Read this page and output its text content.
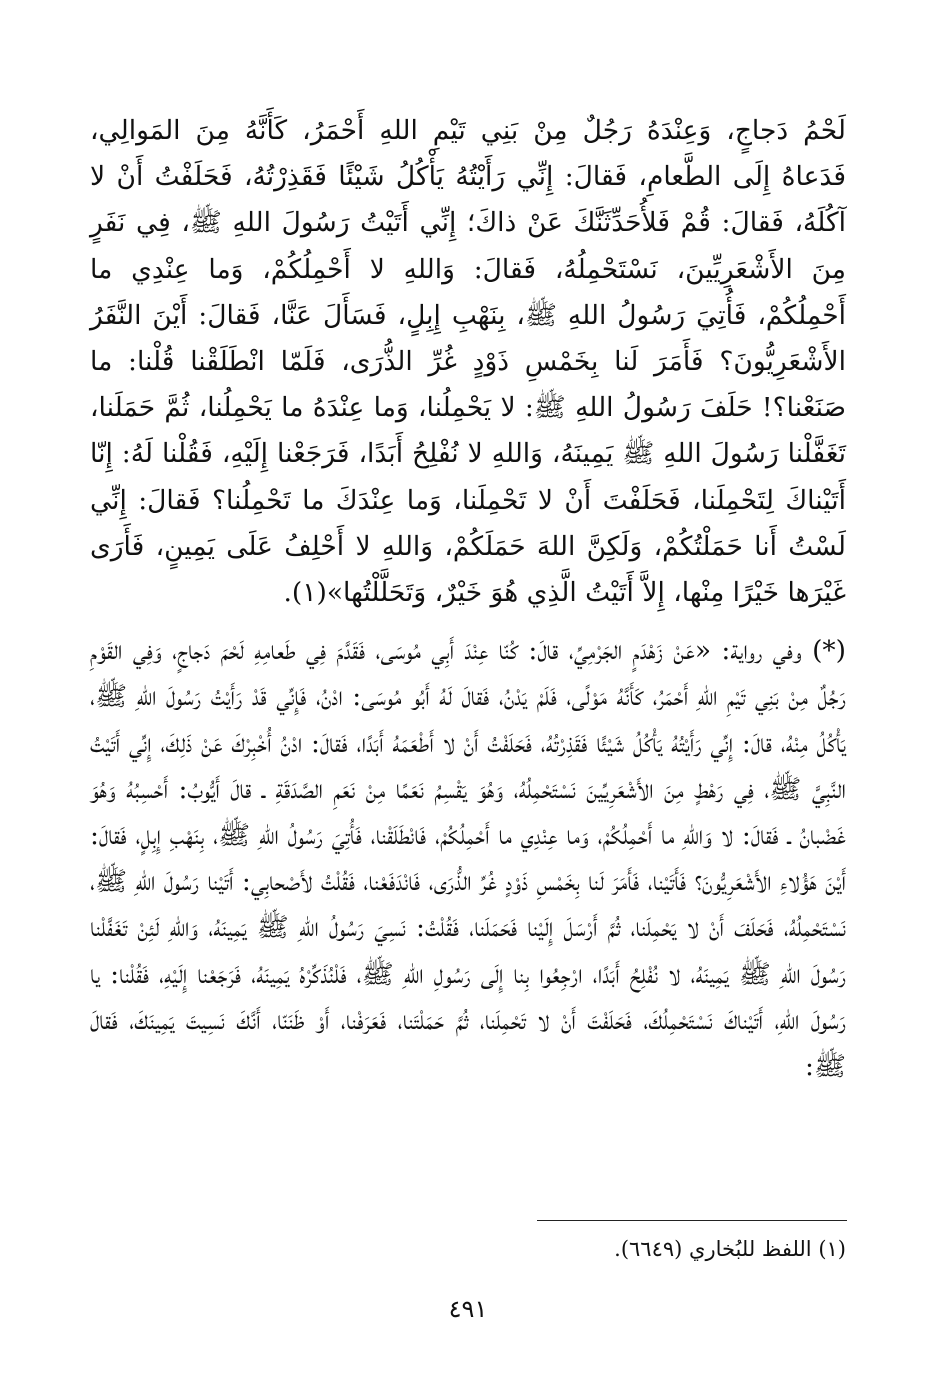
لَحْمُ دَجاجٍ، وَعِنْدَهُ رَجُلٌ مِنْ بَنِي تَيْمِ اللهِ أَحْمَرُ، كَأَنَّهُ مِنَ المَوالِي، فَدَعاهُ إِلَى الطَّعامِ، فَقالَ: إِنِّي رَأَيْتُهُ يَأْكُلُ شَيْئًا فَقَذِرْتُهُ، فَحَلَفْتُ أَنْ لا آكُلَهُ، فَقالَ: قُمْ فَلأُحَدِّثَنَّكَ عَنْ ذاكَ؛ إِنِّي أَتَيْتُ رَسُولَ اللهِ ﷺ، فِي نَفَرٍ مِنَ الأَشْعَرِيِّينَ، نَسْتَحْمِلُهُ، فَقالَ: وَاللهِ لا أَحْمِلُكُمْ، وَما عِنْدِي ما أَحْمِلُكُمْ، فَأُتِيَ رَسُولُ اللهِ ﷺ، بِنَهْبِ إِبِلٍ، فَسَأَلَ عَنَّا، فَقالَ: أَيْنَ النَّفَرُ الأَشْعَرِيُّونَ؟ فَأَمَرَ لَنا بِخَمْسِ ذَوْدٍ غُرِّ الذُّرَى، فَلَمّا انْطَلَقْنا قُلْنا: ما صَنَعْنا؟! حَلَفَ رَسُولُ اللهِ ﷺ: لا يَحْمِلُنا، وَما عِنْدَهُ ما يَحْمِلُنا، ثُمَّ حَمَلَنا، تَغَفَّلْنا رَسُولَ اللهِ ﷺ يَمِينَهُ، وَاللهِ لا نُفْلِحُ أَبَدًا، فَرَجَعْنا إِلَيْهِ، فَقُلْنا لَهُ: إِنّا أَتَيْناكَ لِتَحْمِلَنا، فَحَلَفْتَ أَنْ لا تَحْمِلَنا، وَما عِنْدَكَ ما تَحْمِلُنا؟ فَقالَ: إِنِّي لَسْتُ أَنا حَمَلْتُكُمْ، وَلَكِنَّ اللهَ حَمَلَكُمْ، وَاللهِ لا أَحْلِفُ عَلَى يَمِينٍ، فَأَرَى غَيْرَها خَيْرًا مِنْها، إِلاَّ أَتَيْتُ الَّذِي هُوَ خَيْرٌ، وَتَحَلَّلْتُها»(١).

(*) وفي رواية: «عَنْ زَهْدَمٍ الجَرْمِيِّ، قالَ: كُنّا عِنْدَ أَبِي مُوسَى، فَقَدَّمَ فِي طَعامِهِ لَحْمَ دَجاجٍ، وَفِي القَوْمِ رَجُلٌ مِنْ بَنِي تَيْمِ اللهِ أَحْمَرُ، كَأَنَّهُ مَوْلًى، فَلَمْ يَدْنُ، فَقالَ لَهُ أَبُو مُوسَى: ادْنُ، فَإِنِّي قَدْ رَأَيْتُ رَسُولَ اللهِ ﷺ، يَأْكُلُ مِنْهُ، قالَ: إِنِّي رَأَيْتُهُ يَأْكُلُ شَيْئًا فَقَذِرْتُهُ، فَحَلَفْتُ أَنْ لا أَطْعَمَهُ أَبَدًا، فَقالَ: ادْنُ أُخْبِرْكَ عَنْ ذَلِكَ، إِنِّي أَتَيْتُ النَّبِيَّ ﷺ، فِي رَهْطٍ مِنَ الأَشْعَرِيِّينَ نَسْتَحْمِلُهُ، وَهُوَ يَقْسِمُ نَعَمًا مِنْ نَعَمِ الصَّدَقَةِ ـ قالَ أَيُّوبُ: أَحْسِبُهُ وَهُوَ غَضْبانُ ـ فَقالَ: لا وَاللهِ ما أَحْمِلُكُمْ، وَما عِنْدِي ما أَحْمِلُكُمْ، فَانْطَلَقْنا، فَأُتِيَ رَسُولُ اللهِ ﷺ، بِنَهْبِ إِبِلٍ، فَقالَ: أَيْنَ هَؤُلاءِ الأَشْعَرِيُّونَ؟ فَأَتَيْنا، فَأَمَرَ لَنا بِخَمْسِ ذَوْدٍ غُرِّ الذُّرَى، فَانْدَفَعْنا، فَقُلْتُ لأَصْحابِي: أَتَيْنا رَسُولَ اللهِ ﷺ، نَسْتَحْمِلُهُ، فَحَلَفَ أَنْ لا يَحْمِلَنا، ثُمَّ أَرْسَلَ إِلَيْنا فَحَمَلَنا، فَقُلْتُ: نَسِيَ رَسُولُ اللهِ ﷺ يَمِينَهُ، وَاللهِ لَئِنْ تَغَفَّلْنا رَسُولَ اللهِ ﷺ يَمِينَهُ، لا نُفْلِحُ أَبَدًا، ارْجِعُوا بِنا إِلَى رَسُولِ اللهِ ﷺ، فَلْنُذَكِّرْهُ يَمِينَهُ، فَرَجَعْنا إِلَيْهِ، فَقُلْنا: يا رَسُولَ اللهِ، أَتَيْناكَ نَسْتَحْمِلُكَ، فَحَلَفْتَ أَنْ لا تَحْمِلَنا، ثُمَّ حَمَلْتَنا، فَعَرَفْنا، أَوْ ظَنَنّا، أَنَّكَ نَسِيتَ يَمِينَكَ، فَقالَ ﷺ:

(١) اللفظ للبُخاري (٦٦٤٩).
٤٩١
